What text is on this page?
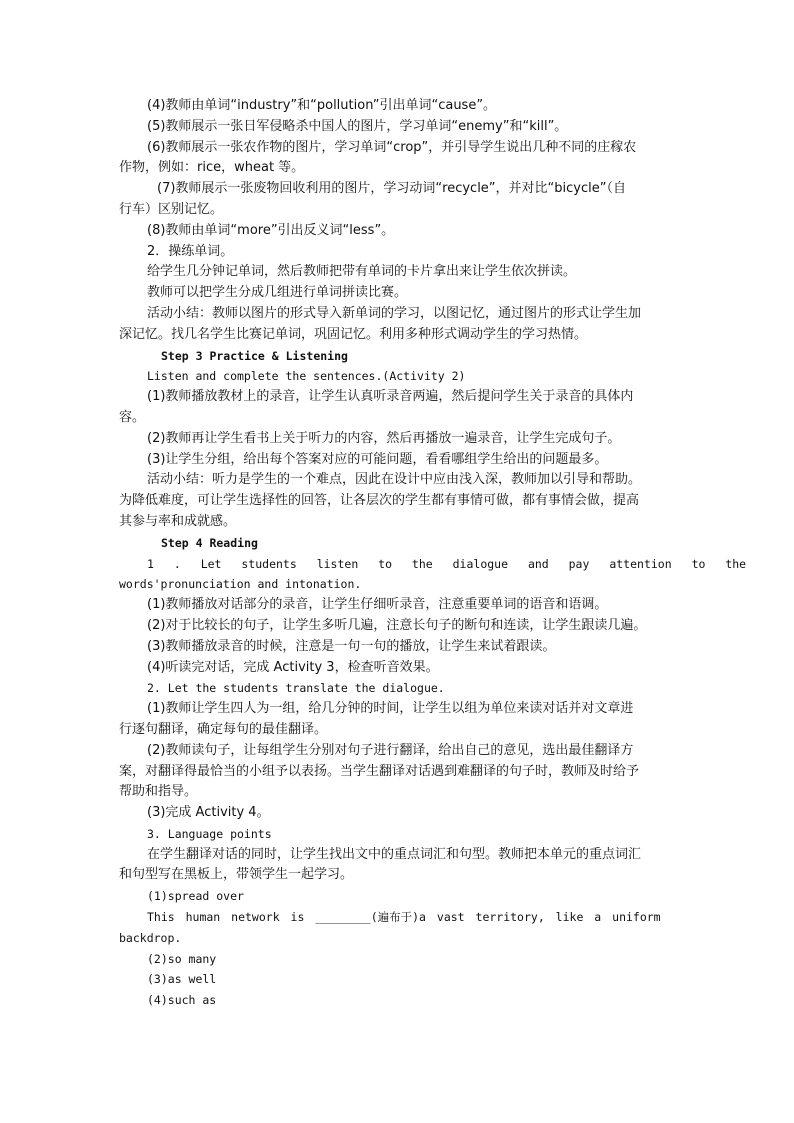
(4)教师由单词“industry”和“pollution”引出单词“cause”。
(5)教师展示一张日军侵略杀中国人的图片，学习单词“enemy”和“kill”。
(6)教师展示一张农作物的图片，学习单词“crop”，并引导学生说出几种不同的庄稼农
作物，例如：rice，wheat 等。
(7)教师展示一张废物回收利用的图片，学习动词“recycle”，并对比“bicycle”（自
行车）区别记忆。
(8)教师由单词“more”引出反义词“less”。
2．操练单词。
给学生几分钟记单词，然后教师把带有单词的卡片拿出来让学生依次拼读。
教师可以把学生分成几组进行单词拼读比赛。
活动小结：教师以图片的形式导入新单词的学习，以图记忆，通过图片的形式让学生加
深记忆。找几名学生比赛记单词，巩固记忆。利用多种形式调动学生的学习热情。
Step 3 Practice & Listening
Listen and complete the sentences.(Activity 2)
(1)教师播放教材上的录音，让学生认真听录音两遍，然后提问学生关于录音的具体内
容。
(2)教师再让学生看书上关于听力的内容，然后再播放一遍录音，让学生完成句子。
(3)让学生分组，给出每个答案对应的可能问题，看看哪组学生给出的问题最多。
活动小结：听力是学生的一个难点，因此在设计中应由浅入深，教师加以引导和帮助。
为降低难度，可让学生选择性的回答，让各层次的学生都有事情可做，都有事情会做，提高
其参与率和成就感。
Step 4 Reading
1 . Let students listen to the dialogue and pay attention to the
words'pronunciation and intonation.
(1)教师播放对话部分的录音，让学生仔细听录音，注意重要单词的语音和语调。
(2)对于比较长的句子，让学生多听几遍，注意长句子的断句和连读，让学生跟读几遍。
(3)教师播放录音的时候，注意是一句一句的播放，让学生来试着跟读。
(4)听读完对话，完成 Activity 3，检查听音效果。
2. Let the students translate the dialogue.
(1)教师让学生四人为一组，给几分钟的时间，让学生以组为单位来读对话并对文章进
行逐句翻译，确定每句的最佳翻译。
(2)教师读句子，让每组学生分别对句子进行翻译，给出自己的意见，选出最佳翻译方
案，对翻译得最恰当的小组予以表扬。当学生翻译对话遇到难翻译的句子时，教师及时给予
帮助和指导。
(3)完成 Activity 4。
3. Language points
在学生翻译对话的同时，让学生找出文中的重点词汇和句型。教师把本单元的重点词汇
和句型写在黑板上，带领学生一起学习。
(1)spread over
This human network is ________(遍布于)a vast territory, like a uniform
backdrop.
(2)so many
(3)as well
(4)such as
